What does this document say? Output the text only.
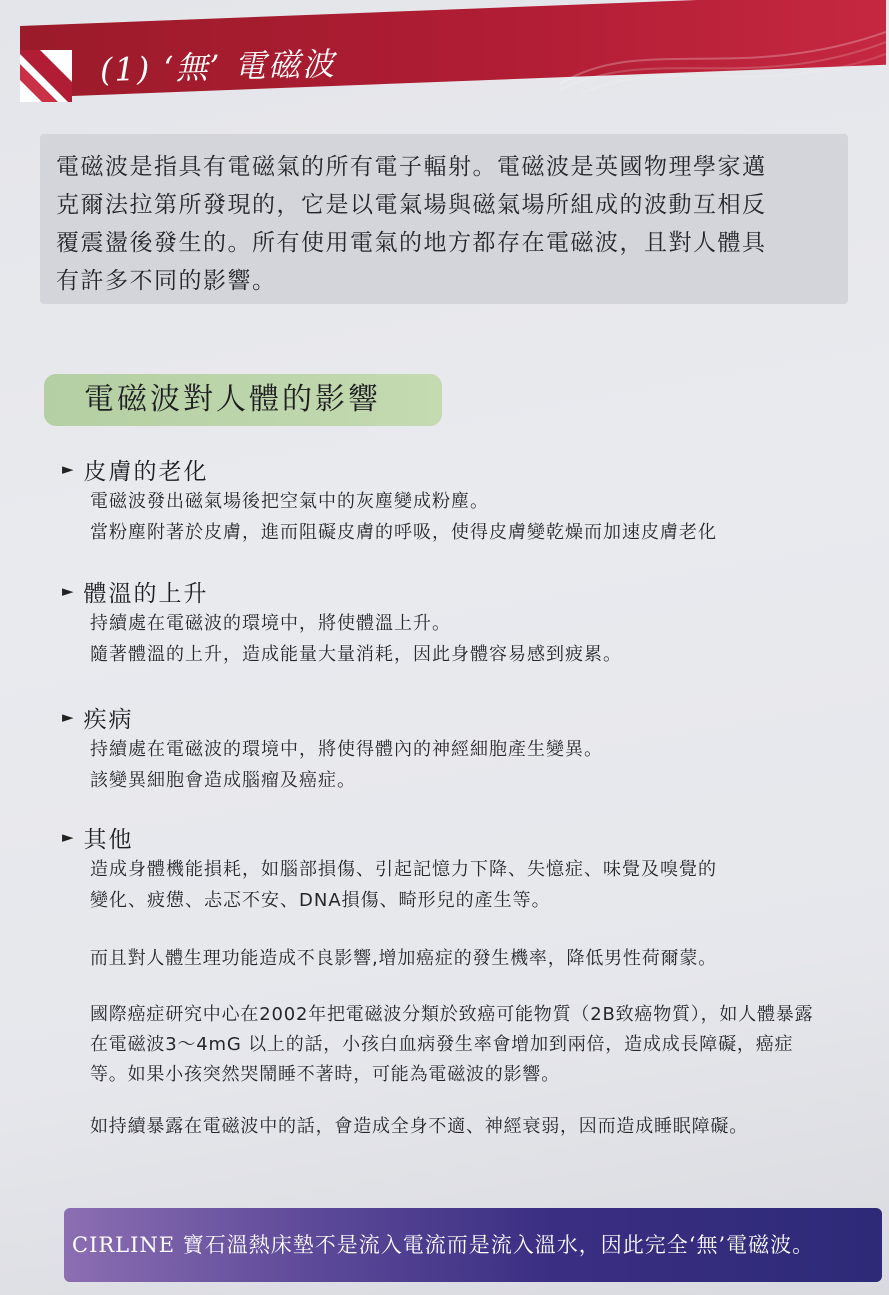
(1) ‘無’ 電磁波
電磁波是指具有電磁氣的所有電子輻射。電磁波是英國物理學家邁
克爾法拉第所發現的，它是以電氣場與磁氣場所組成的波動互相反
覆震盪後發生的。所有使用電氣的地方都存在電磁波，且對人體具
有許多不同的影響。
電磁波對人體的影響
► 皮膚的老化
電磁波發出磁氣場後把空氣中的灰塵變成粉塵。
當粉塵附著於皮膚，進而阻礙皮膚的呼吸，使得皮膚變乾燥而加速皮膚老化
► 體溫的上升
持續處在電磁波的環境中，將使體溫上升。
隨著體溫的上升，造成能量大量消耗，因此身體容易感到疲累。
► 疾病
持續處在電磁波的環境中，將使得體內的神經細胞產生變異。
該變異細胞會造成腦瘤及癌症。
► 其他
造成身體機能損耗，如腦部損傷、引起記憶力下降、失憶症、味覺及嗅覺的
變化、疲憊、忐忑不安、DNA損傷、畸形兒的產生等。
而且對人體生理功能造成不良影響,增加癌症的發生機率，降低男性荷爾蒙。
國際癌症研究中心在2002年把電磁波分類於致癌可能物質（2B致癌物質），如人體暴露在電磁波3～4mG 以上的話，小孩白血病發生率會增加到兩倍，造成成長障礙，癌症等。如果小孩突然哭鬧睡不著時，可能為電磁波的影響。
如持續暴露在電磁波中的話，會造成全身不適、神經衰弱，因而造成睡眠障礙。
CIRLINE 寶石溫熱床墊不是流入電流而是流入溫水，因此完全‘無’電磁波。
